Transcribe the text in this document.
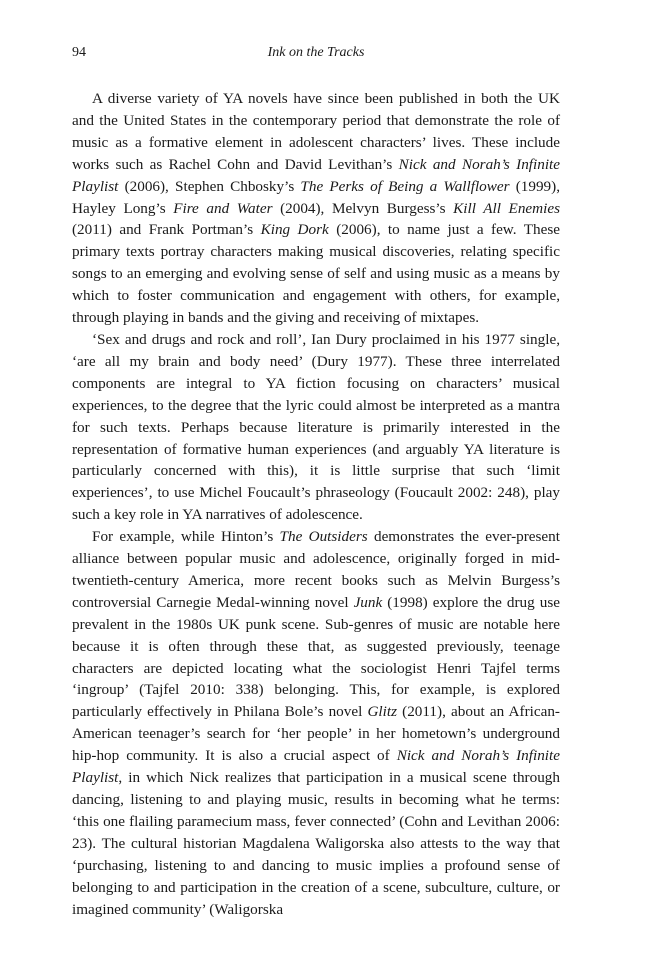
94	Ink on the Tracks

A diverse variety of YA novels have since been published in both the UK and the United States in the contemporary period that demonstrate the role of music as a formative element in adolescent characters’ lives. These include works such as Rachel Cohn and David Levithan’s Nick and Norah’s Infinite Playlist (2006), Stephen Chbosky’s The Perks of Being a Wallflower (1999), Hayley Long’s Fire and Water (2004), Melvyn Burgess’s Kill All Enemies (2011) and Frank Portman’s King Dork (2006), to name just a few. These primary texts portray characters making musical discoveries, relating specific songs to an emerging and evolving sense of self and using music as a means by which to foster communication and engagement with others, for example, through playing in bands and the giving and receiving of mixtapes.

‘Sex and drugs and rock and roll’, Ian Dury proclaimed in his 1977 single, ‘are all my brain and body need’ (Dury 1977). These three interrelated components are integral to YA fiction focusing on characters’ musical experiences, to the degree that the lyric could almost be interpreted as a mantra for such texts. Perhaps because literature is primarily interested in the representation of formative human experiences (and arguably YA literature is particularly concerned with this), it is little surprise that such ‘limit experiences’, to use Michel Foucault’s phraseology (Foucault 2002: 248), play such a key role in YA narratives of adolescence.

For example, while Hinton’s The Outsiders demonstrates the ever-present alliance between popular music and adolescence, originally forged in mid-twentieth-century America, more recent books such as Melvin Burgess’s controversial Carnegie Medal-winning novel Junk (1998) explore the drug use prevalent in the 1980s UK punk scene. Sub-genres of music are notable here because it is often through these that, as suggested previously, teenage characters are depicted locating what the sociologist Henri Tajfel terms ‘ingroup’ (Tajfel 2010: 338) belonging. This, for example, is explored particularly effectively in Philana Bole’s novel Glitz (2011), about an African-American teenager’s search for ‘her people’ in her hometown’s underground hip-hop community. It is also a crucial aspect of Nick and Norah’s Infinite Playlist, in which Nick realizes that participation in a musical scene through dancing, listening to and playing music, results in becoming what he terms: ‘this one flailing paramecium mass, fever connected’ (Cohn and Levithan 2006: 23). The cultural historian Magdalena Waligorska also attests to the way that ‘purchasing, listening to and dancing to music implies a profound sense of belonging to and participation in the creation of a scene, subculture, culture, or imagined community’ (Waligorska
